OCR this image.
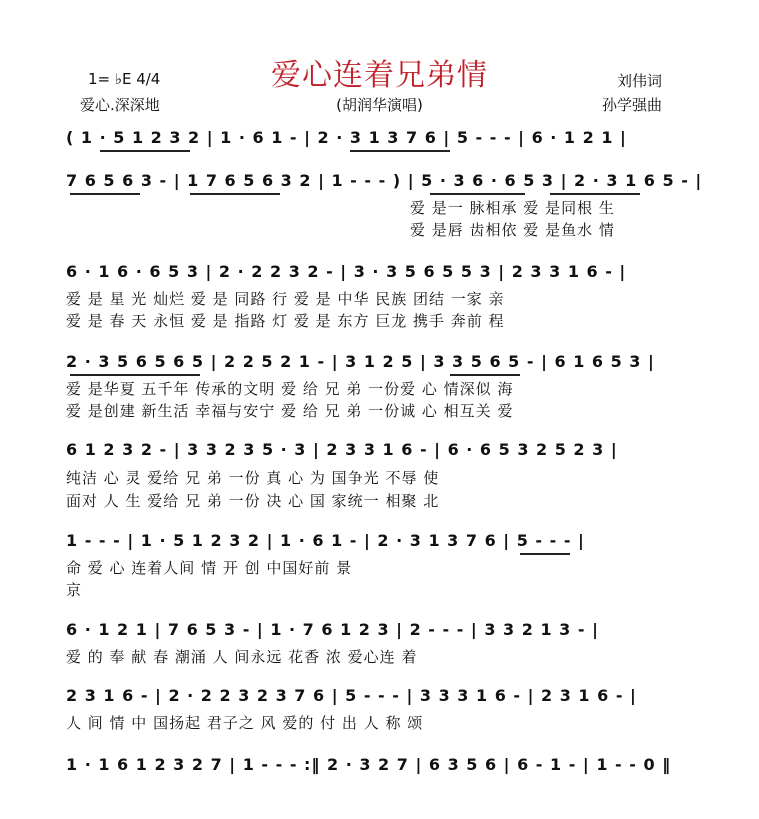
1= ♭E 4/4
爱心.深深地
爱心连着兄弟情
(胡润华演唱)
刘伟词
孙学强曲
( 1 · 5 1 2 3 2 | 1 · 6 1 - | 2 · 3 1 3 7 6 | 5 - - - | 6 · 1 2 1 |
7 6 5 6 3 - | 1 7 6 5 6 3 2 | 1 - - - ) | 5 · 3 6 · 6 5 3 | 2 · 3 1 6 5 - |
爱 是一 脉相承 爱 是同根 生
爱 是唇 齿相依 爱 是鱼水 情
6 · 1 6 · 6 5 3 | 2 · 2 2 3 2 - | 3 · 3 5 6 5 5 3 | 2 3 3 1 6 - |
爱 是 星 光 灿烂 爱 是 同路 行 爱 是 中华 民族 团结 一家 亲
爱 是 春 天 永恒 爱 是 指路 灯 爱 是 东方 巨龙 携手 奔前 程
2 · 3 5 6 5 6 5 | 2 2 5 2 1 - | 3 1 2 5 | 3 3 5 6 5 - | 6 1 6 5 3 |
爱 是华夏 五千年 传承的文明 爱 给 兄 弟 一份爱 心 情深似 海
爱 是创建 新生活 幸福与安宁 爱 给 兄 弟 一份诚 心 相互关 爱
6 1 2 3 2 - | 3 3 2 3 5 · 3 | 2 3 3 1 6 - | 6 · 6 5 3 2 5 2 3 |
纯洁 心 灵 爱给 兄 弟 一份 真 心 为 国争光 不辱 使
面对 人 生 爱给 兄 弟 一份 决 心 国 家统一 相聚 北
1 - - - | 1 · 5 1 2 3 2 | 1 · 6 1 - | 2 · 3 1 3 7 6 | 5 - - - |
命 爱 心 连着人间 情 开 创 中国好前 景
京
6 · 1 2 1 | 7 6 5 3 - | 1 · 7 6 1 2 3 | 2 - - - | 3 3 2 1 3 - |
爱 的 奉 献 春 潮涌 人 间永远 花香 浓 爱心连 着
2 3 1 6 - | 2 · 2 2 3 2 3 7 6 | 5 - - - | 3 3 3 1 6 - | 2 3 1 6 - |
人 间 情 中 国扬起 君子之 风 爱的 付 出 人 称 颂
1 · 1 6 1 2 3 2 7 | 1 - - - :‖ 2 · 3 2 7 | 6 3 5 6 | 6 - 1 - | 1 - - 0 ‖
